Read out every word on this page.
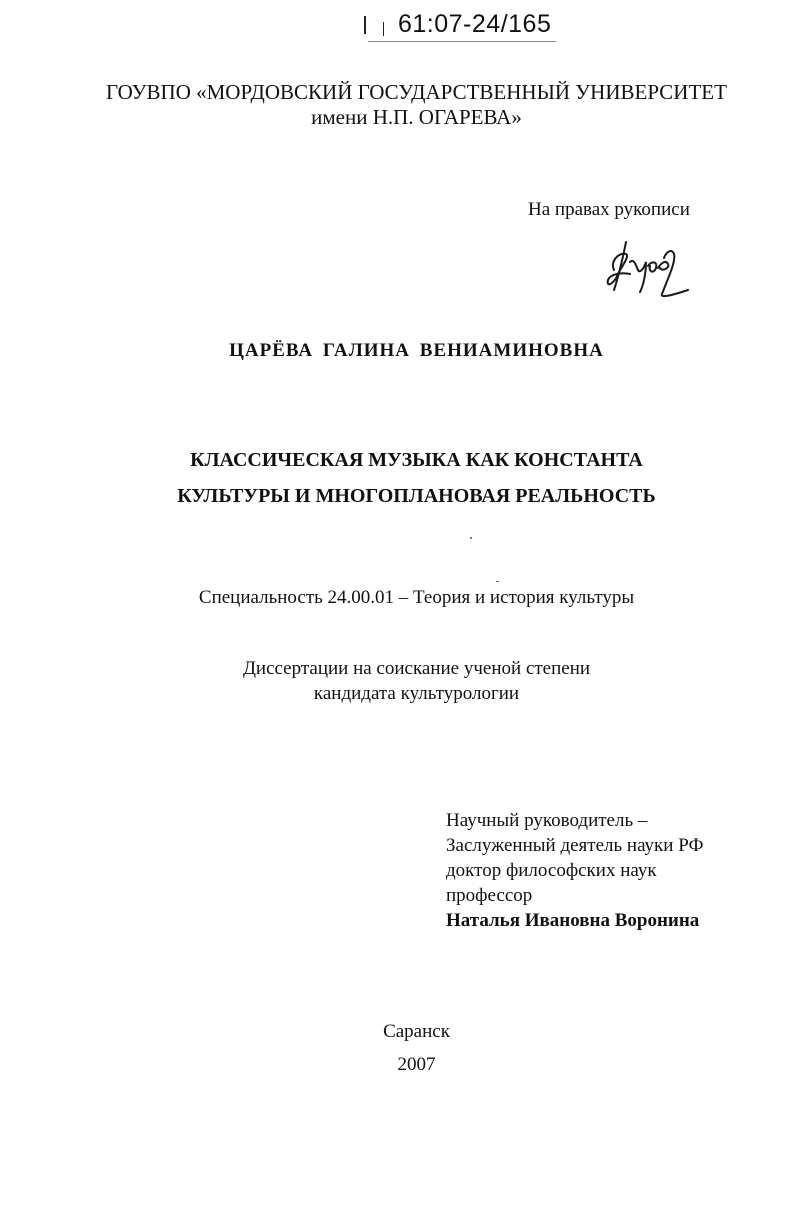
61:07-24/165
ГОУВПО «МОРДОВСКИЙ ГОСУДАРСТВЕННЫЙ УНИВЕРСИТЕТ
имени Н.П. ОГАРЕВА»
На правах рукописи
ЦАРЁВА ГАЛИНА ВЕНИАМИНОВНА
КЛАССИЧЕСКАЯ МУЗЫКА КАК КОНСТАНТА
КУЛЬТУРЫ И МНОГОПЛАНОВАЯ РЕАЛЬНОСТЬ
Специальность 24.00.01 – Теория и история культуры
Диссертации на соискание ученой степени
кандидата культурологии
Научный руководитель –
Заслуженный деятель науки РФ
доктор философских наук
профессор
Наталья Ивановна Воронина
Саранск
2007
